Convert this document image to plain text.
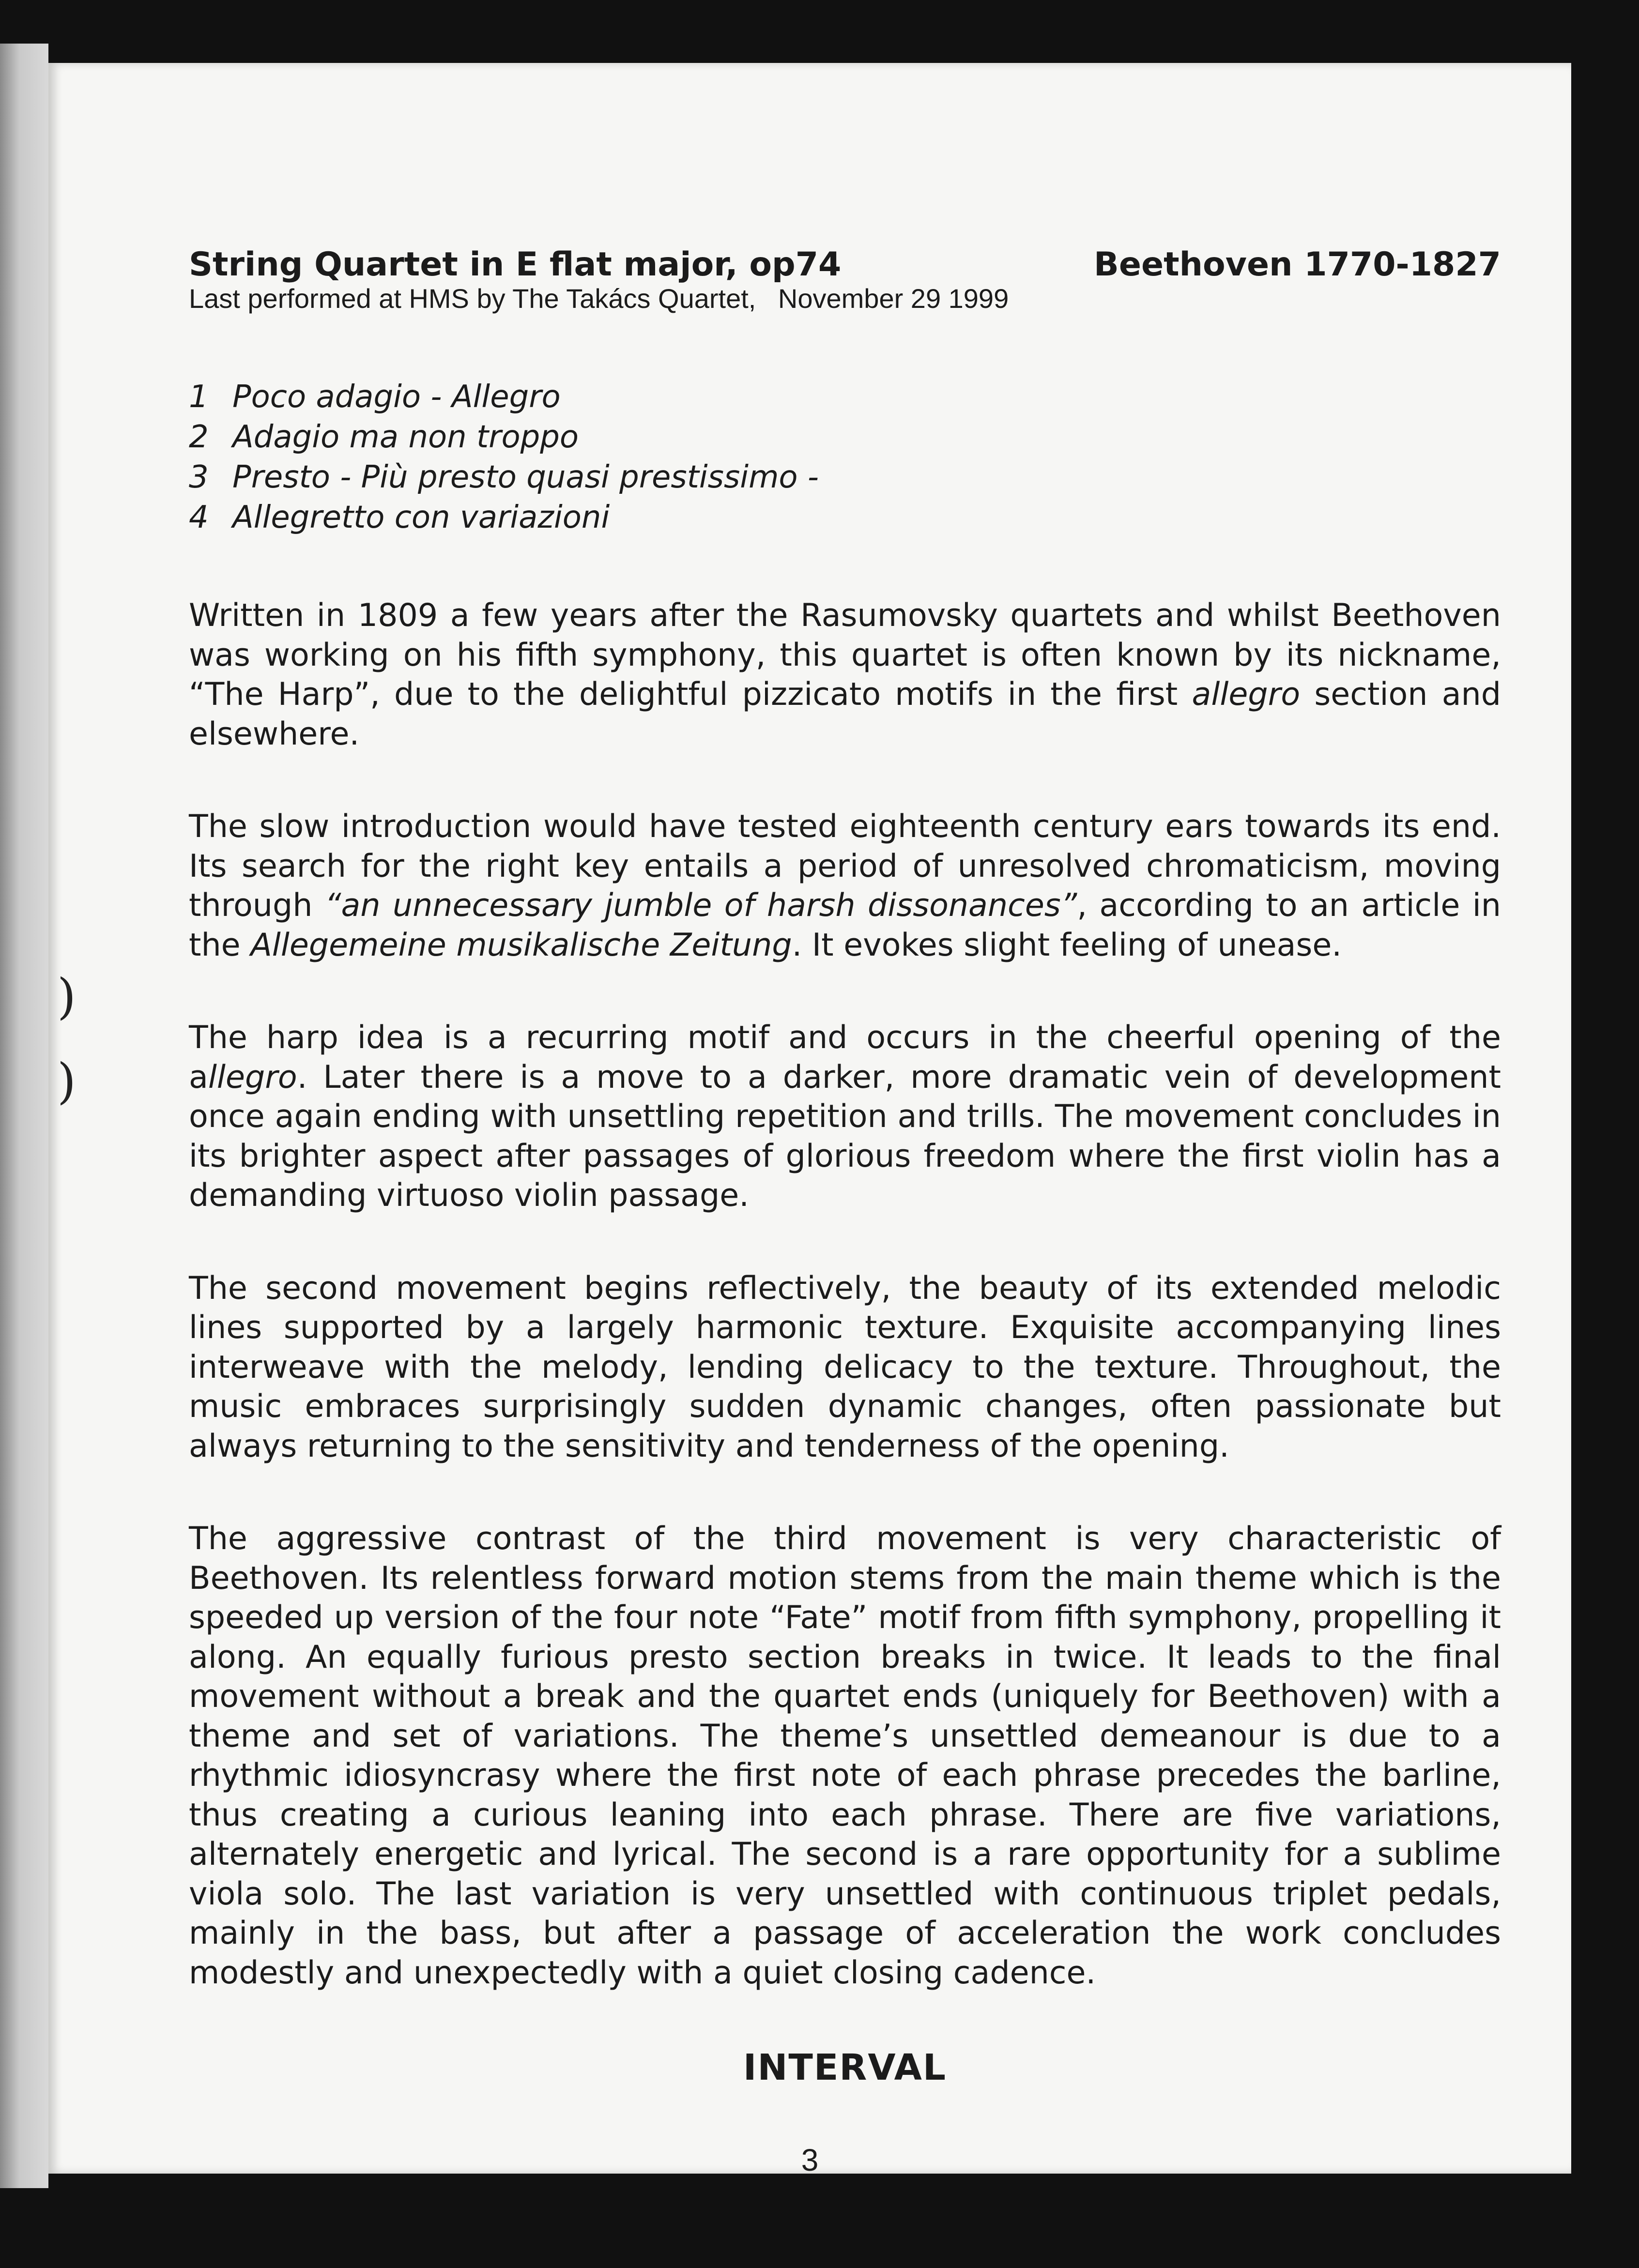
String Quartet in E flat major, op74	Beethoven 1770-1827
Last performed at HMS by The Takács Quartet, November 29 1999
1 Poco adagio - Allegro
2 Adagio ma non troppo
3 Presto - Più presto quasi prestissimo -
4 Allegretto con variazioni

Written in 1809 a few years after the Rasumovsky quartets and whilst Beethoven was working on his fifth symphony, this quartet is often known by its nickname, “The Harp”, due to the delightful pizzicato motifs in the first allegro section and elsewhere.

The slow introduction would have tested eighteenth century ears towards its end. Its search for the right key entails a period of unresolved chromaticism, moving through “an unnecessary jumble of harsh dissonances”, according to an article in the Allegemeine musikalische Zeitung. It evokes slight feeling of unease.

The harp idea is a recurring motif and occurs in the cheerful opening of the allegro. Later there is a move to a darker, more dramatic vein of development once again ending with unsettling repetition and trills. The movement concludes in its brighter aspect after passages of glorious freedom where the first violin has a demanding virtuoso violin passage.

The second movement begins reflectively, the beauty of its extended melodic lines supported by a largely harmonic texture. Exquisite accompanying lines interweave with the melody, lending delicacy to the texture. Throughout, the music embraces surprisingly sudden dynamic changes, often passionate but always returning to the sensitivity and tenderness of the opening.

The aggressive contrast of the third movement is very characteristic of Beethoven. Its relentless forward motion stems from the main theme which is the speeded up version of the four note “Fate” motif from fifth symphony, propelling it along. An equally furious presto section breaks in twice. It leads to the final movement without a break and the quartet ends (uniquely for Beethoven) with a theme and set of variations. The theme’s unsettled demeanour is due to a rhythmic idiosyncrasy where the first note of each phrase precedes the barline, thus creating a curious leaning into each phrase. There are five variations, alternately energetic and lyrical. The second is a rare opportunity for a sublime viola solo. The last variation is very unsettled with continuous triplet pedals, mainly in the bass, but after a passage of acceleration the work concludes modestly and unexpectedly with a quiet closing cadence.

INTERVAL
3
)
)
